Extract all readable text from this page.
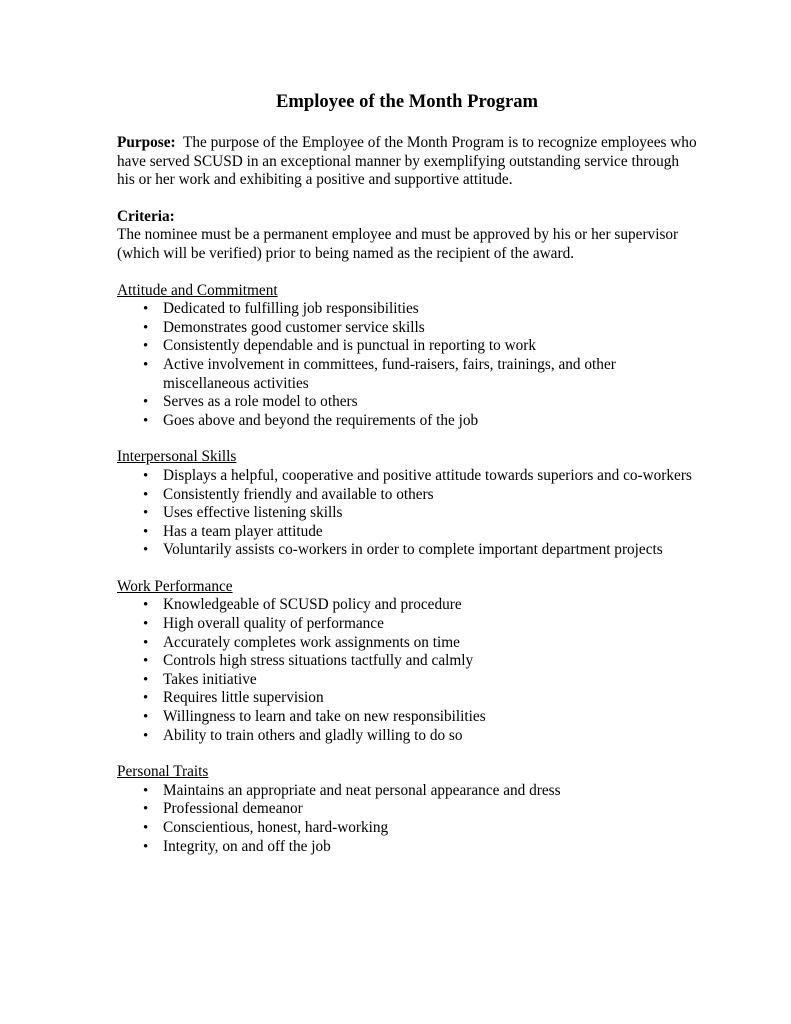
Employee of the Month Program

Purpose: The purpose of the Employee of the Month Program is to recognize employees who have served SCUSD in an exceptional manner by exemplifying outstanding service through his or her work and exhibiting a positive and supportive attitude.

Criteria:

The nominee must be a permanent employee and must be approved by his or her supervisor (which will be verified) prior to being named as the recipient of the award.

Attitude and Commitment

• Dedicated to fulfilling job responsibilities
• Demonstrates good customer service skills
• Consistently dependable and is punctual in reporting to work
• Active involvement in committees, fund-raisers, fairs, trainings, and other miscellaneous activities
• Serves as a role model to others
• Goes above and beyond the requirements of the job

Interpersonal Skills

• Displays a helpful, cooperative and positive attitude towards superiors and co-workers
• Consistently friendly and available to others
• Uses effective listening skills
• Has a team player attitude
• Voluntarily assists co-workers in order to complete important department projects

Work Performance

• Knowledgeable of SCUSD policy and procedure
• High overall quality of performance
• Accurately completes work assignments on time
• Controls high stress situations tactfully and calmly
• Takes initiative
• Requires little supervision
• Willingness to learn and take on new responsibilities
• Ability to train others and gladly willing to do so

Personal Traits

• Maintains an appropriate and neat personal appearance and dress
• Professional demeanor
• Conscientious, honest, hard-working
• Integrity, on and off the job
